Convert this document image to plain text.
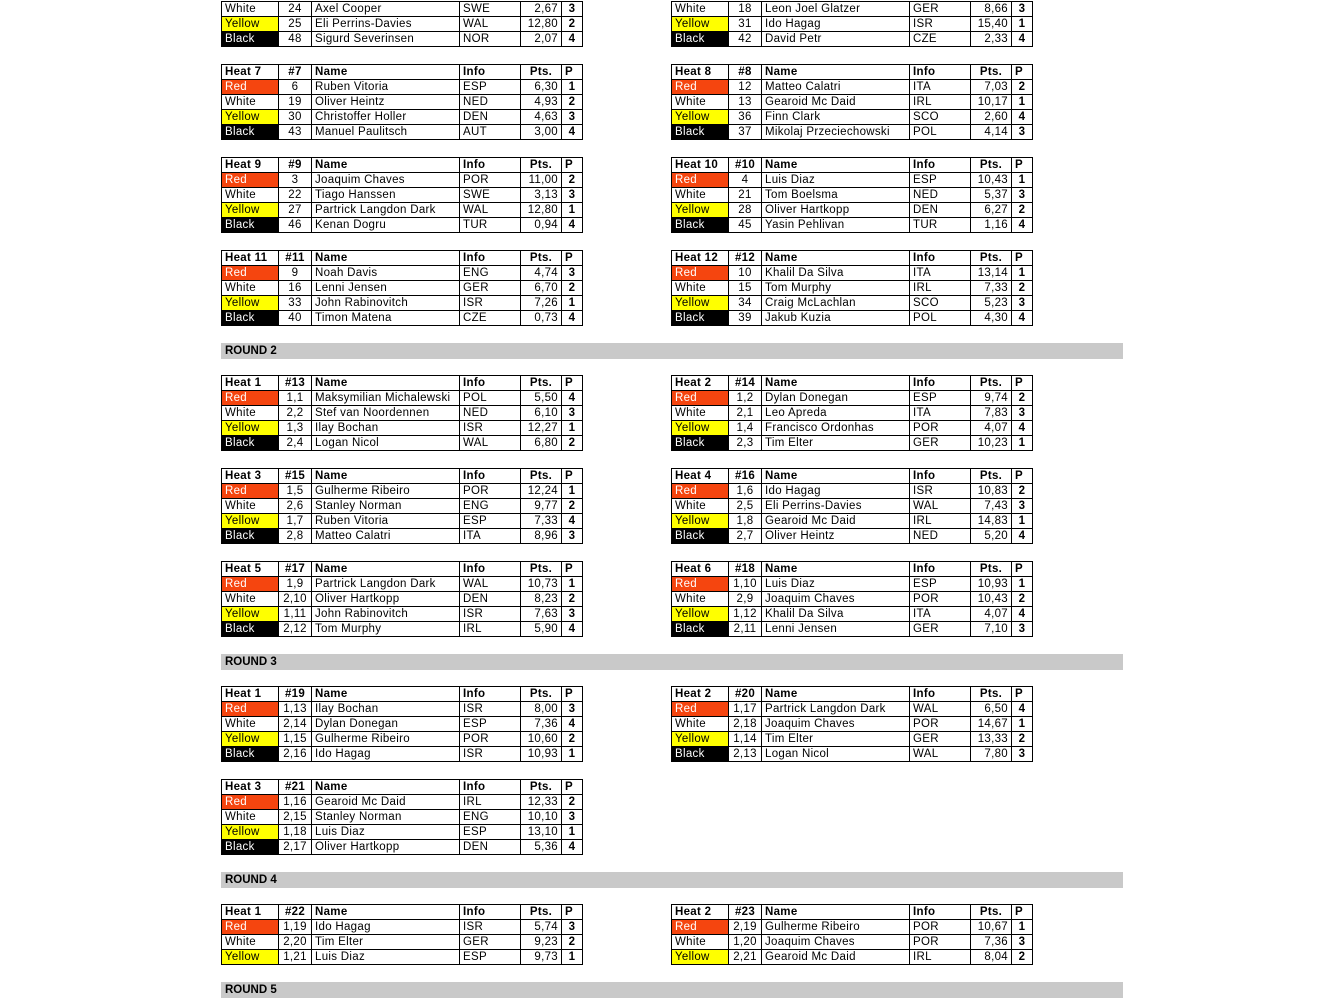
ROUND 2
ROUND 3
ROUND 4
ROUND 5
White	24	Axel Cooper	SWE	2,67	3
Yellow	25	Eli Perrins-Davies	WAL	12,80	2
Black	48	Sigurd Severinsen	NOR	2,07	4
White	18	Leon Joel Glatzer	GER	8,66	3
Yellow	31	Ido Hagag	ISR	15,40	1
Black	42	David Petr	CZE	2,33	4
Heat 7	#7	Name	Info	Pts.	P
Red	6	Ruben Vitoria	ESP	6,30	1
White	19	Oliver Heintz	NED	4,93	2
Yellow	30	Christoffer Holler	DEN	4,63	3
Black	43	Manuel Paulitsch	AUT	3,00	4
Heat 8	#8	Name	Info	Pts.	P
Red	12	Matteo Calatri	ITA	7,03	2
White	13	Gearoid Mc Daid	IRL	10,17	1
Yellow	36	Finn Clark	SCO	2,60	4
Black	37	Mikolaj Przeciechowski	POL	4,14	3
Heat 9	#9	Name	Info	Pts.	P
Red	3	Joaquim Chaves	POR	11,00	2
White	22	Tiago Hanssen	SWE	3,13	3
Yellow	27	Partrick Langdon Dark	WAL	12,80	1
Black	46	Kenan Dogru	TUR	0,94	4
Heat 10	#10	Name	Info	Pts.	P
Red	4	Luis Diaz	ESP	10,43	1
White	21	Tom Boelsma	NED	5,37	3
Yellow	28	Oliver Hartkopp	DEN	6,27	2
Black	45	Yasin Pehlivan	TUR	1,16	4
Heat 11	#11	Name	Info	Pts.	P
Red	9	Noah Davis	ENG	4,74	3
White	16	Lenni Jensen	GER	6,70	2
Yellow	33	John Rabinovitch	ISR	7,26	1
Black	40	Timon Matena	CZE	0,73	4
Heat 12	#12	Name	Info	Pts.	P
Red	10	Khalil Da Silva	ITA	13,14	1
White	15	Tom Murphy	IRL	7,33	2
Yellow	34	Craig McLachlan	SCO	5,23	3
Black	39	Jakub Kuzia	POL	4,30	4
Heat 1	#13	Name	Info	Pts.	P
Red	1,1	Maksymilian Michalewski	POL	5,50	4
White	2,2	Stef van Noordennen	NED	6,10	3
Yellow	1,3	Ilay Bochan	ISR	12,27	1
Black	2,4	Logan Nicol	WAL	6,80	2
Heat 2	#14	Name	Info	Pts.	P
Red	1,2	Dylan Donegan	ESP	9,74	2
White	2,1	Leo Apreda	ITA	7,83	3
Yellow	1,4	Francisco Ordonhas	POR	4,07	4
Black	2,3	Tim Elter	GER	10,23	1
Heat 3	#15	Name	Info	Pts.	P
Red	1,5	Gulherme Ribeiro	POR	12,24	1
White	2,6	Stanley Norman	ENG	9,77	2
Yellow	1,7	Ruben Vitoria	ESP	7,33	4
Black	2,8	Matteo Calatri	ITA	8,96	3
Heat 4	#16	Name	Info	Pts.	P
Red	1,6	Ido Hagag	ISR	10,83	2
White	2,5	Eli Perrins-Davies	WAL	7,43	3
Yellow	1,8	Gearoid Mc Daid	IRL	14,83	1
Black	2,7	Oliver Heintz	NED	5,20	4
Heat 5	#17	Name	Info	Pts.	P
Red	1,9	Partrick Langdon Dark	WAL	10,73	1
White	2,10	Oliver Hartkopp	DEN	8,23	2
Yellow	1,11	John Rabinovitch	ISR	7,63	3
Black	2,12	Tom Murphy	IRL	5,90	4
Heat 6	#18	Name	Info	Pts.	P
Red	1,10	Luis Diaz	ESP	10,93	1
White	2,9	Joaquim Chaves	POR	10,43	2
Yellow	1,12	Khalil Da Silva	ITA	4,07	4
Black	2,11	Lenni Jensen	GER	7,10	3
Heat 1	#19	Name	Info	Pts.	P
Red	1,13	Ilay Bochan	ISR	8,00	3
White	2,14	Dylan Donegan	ESP	7,36	4
Yellow	1,15	Gulherme Ribeiro	POR	10,60	2
Black	2,16	Ido Hagag	ISR	10,93	1
Heat 2	#20	Name	Info	Pts.	P
Red	1,17	Partrick Langdon Dark	WAL	6,50	4
White	2,18	Joaquim Chaves	POR	14,67	1
Yellow	1,14	Tim Elter	GER	13,33	2
Black	2,13	Logan Nicol	WAL	7,80	3
Heat 3	#21	Name	Info	Pts.	P
Red	1,16	Gearoid Mc Daid	IRL	12,33	2
White	2,15	Stanley Norman	ENG	10,10	3
Yellow	1,18	Luis Diaz	ESP	13,10	1
Black	2,17	Oliver Hartkopp	DEN	5,36	4
Heat 1	#22	Name	Info	Pts.	P
Red	1,19	Ido Hagag	ISR	5,74	3
White	2,20	Tim Elter	GER	9,23	2
Yellow	1,21	Luis Diaz	ESP	9,73	1
Heat 2	#23	Name	Info	Pts.	P
Red	2,19	Gulherme Ribeiro	POR	10,67	1
White	1,20	Joaquim Chaves	POR	7,36	3
Yellow	2,21	Gearoid Mc Daid	IRL	8,04	2
